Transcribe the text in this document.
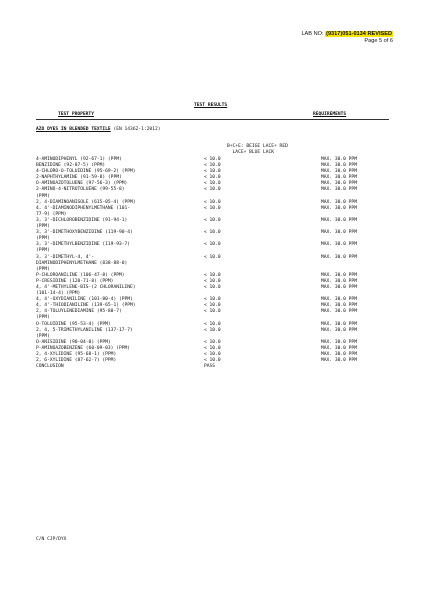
LAB NO: (9317)051-0134 REVISED
Page 5 of 6
TEST RESULTS
TEST PROPERTY	REQUIREMENTS
AZO DYES IN BLENDED TEXTILE (EN 14362-1:2012)
B+C+E: BEIGE LACE+ RED
LACE+ BLUE LACK
4-AMINODIPHENYL (92-67-1) (PPM)	< 10.0	MAX. 30.0 PPM
BENZIDINE (92-87-5) (PPM)	< 10.0	MAX. 30.0 PPM
4-CHLORO-O-TOLUIDINE (95-69-2) (PPM)	< 10.0	MAX. 30.0 PPM
2-NAPHTHYLAMINE (91-59-8) (PPM)	< 10.0	MAX. 30.0 PPM
O-AMINOAZOTOLUENE (97-56-3) (PPM)	< 10.0	MAX. 30.0 PPM
2-AMINO-4-NITROTOLUENE (99-55-8)
(PPM)
< 10.0	MAX. 30.0 PPM
2, 4-DIAMINOANISOLE (615-05-4) (PPM)	< 10.0	MAX. 30.0 PPM
4, 4'-DIAMINODIPHENYLMETHANE (101-
77-9) (PPM)
< 10.0	MAX. 30.0 PPM
3, 3'-DICHLOROBENZIDINE (91-94-1)
(PPM)
< 10.0	MAX. 30.0 PPM
3, 3'-DIMETHOXYBENZIDINE (119-90-4)
(PPM)
< 10.0	MAX. 30.0 PPM
3, 3'-DIMETHYLBENZIDINE (119-93-7)
(PPM)
< 10.0	MAX. 30.0 PPM
3, 3'-DIMETHYL-4, 4'-
DIAMINODIPHENYLMETHANE (838-88-0)
(PPM)
< 10.0	MAX. 30.0 PPM
P-CHLOROANILINE (106-47-8) (PPM)	< 10.0	MAX. 30.0 PPM
P-CRESIDINE (120-71-8) (PPM)	< 10.0	MAX. 30.0 PPM
4, 4'-METHYLENE-BIS-(2 CHLORANILINE)
(101-14-4) (PPM)
< 10.0	MAX. 30.0 PPM
4, 4'-OXYDIANILINE (101-80-4) (PPM)	< 10.0	MAX. 30.0 PPM
4, 4'-THIODIANILINE (139-65-1) (PPM)	< 10.0	MAX. 30.0 PPM
2, 4-TOLUYLENEDIAMINE (95-80-7)
(PPM)
< 10.0	MAX. 30.0 PPM
O-TOLUIDINE (95-53-4) (PPM)	< 10.0	MAX. 30.0 PPM
2, 4, 5-TRIMETHYLANILINE (137-17-7)
(PPM)
< 10.0	MAX. 30.0 PPM
O-ANISIDINE (90-04-0) (PPM)	< 10.0	MAX. 30.0 PPM
P-AMINOAZOBENZENE (60-09-03) (PPM)	< 10.0	MAX. 30.0 PPM
2, 4-XYLIDINE (95-68-1) (PPM)	< 10.0	MAX. 30.0 PPM
2, 6-XYLIDINE (87-62-7) (PPM)	< 10.0	MAX. 30.0 PPM
CONCLUSION	PASS
C/N CJP/DYX
